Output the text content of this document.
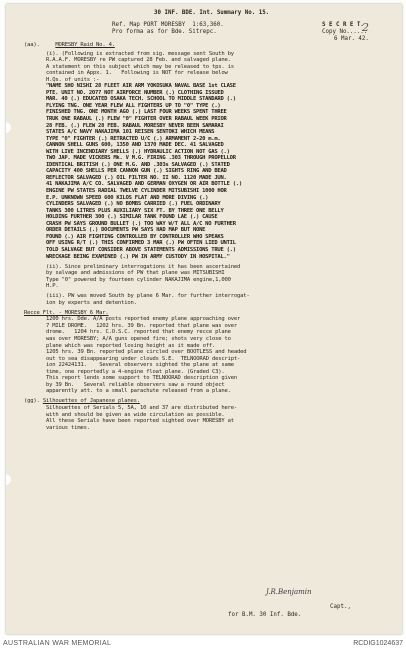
30 INF. BDE. Int. Summary No. 15.
Ref. Map PORT MORESBY  1:63,360.
Pro forma as for Bde. Sitrepc.
S E C R E T.
Copy No......
2
6 Mar. 42.
(aa).	MORESBY Raid No. 4.
(i). (Following is extracted from sig. message sent South by
R.A.A.F. MORESBY re PW captured 28 Feb. and salvaged plane.
A statement on this subject which may be released to tps. is
contained in Appx. 1.   Following is NOT for release below
H.Qs. of units :-
"NAME SHO NISHI 28 FLEET AIR ARM YOKOSUKA NAVAL BASE 1st CLASE
PTE. UNIT NO. 2077 NOT AIRFORCE NUMBER (.) CLOTHING ISSUED
MAR. 40 (.) EDUCATED OSAKA TECH. SCHOOL TO MIDDLE STANDARD (.)
FLYING TNG. ONE YEAR FLEW ALL FIGHTERS UP TO "0" TYPE (.)
FINISHED TNG. ONE MONTH AGO (.) LAST FOUR WEEKS SPENT THREE
TRUK ONE RABAUL (.) FLEW "0" FIGHTER OVER RABAUL WEEK PRIOR
28 FEB. (.) FLEW 28 FEB. RABAUL MORESBY NEVER BEEN SAMARAI
STATES A/C NAVY NAKAJIMA 101 REISEN SENTOKI WHICH MEANS
TYPE "0" FIGHTER (.) RETRACTED U/C (.) ARMAMENT 2-20 m.m.
CANNON SHELL GUNS 600, 1350 AND 1370 MADE DEC. 41 SALVAGED
WITH LIVE INCENDIARY SHELLS (.) HYDRAULIC ACTION NOT GAS (.)
TWO JAP. MADE VICKERS Mk. V M.G. FIRING .303 THROUGH PROPELLOR
IDENTICAL BRITISH (.) ONE M.G. AND .303s SALVAGED (.) STATED
CAPACITY 400 SHELLS PER CANNON GUN (.) SIGHTS RING AND BEAD
REFLECTOR SALVAGED (.) OIL FILTER NO. II NO. 1120 MADE JUN.
41 NAKAJIMA A/C CO. SALVAGED AND GERMAN OXYGEN OR AIR BOTTLE (.)
ENGINE PW STATES RADIAL TWELVE CYLINDER MITSUBISHI 1000 HOR
E.P. UNKNOWN SPEED 600 KILOS FLAT AND MORE DIVING (.)
CYLINDERS SALVAGED (.) NO BOMBS CARRIED (.) FUEL ORDINARY
TANKS 300 LITRES PLUS AUXILIARY SIX FT. BY THREE ONE BELLY
HOLDING FURTHER 300 (.) SIMILAR TANK FOUND LAE (.) CAUSE
CRASH PW SAYS GROUND BULLET (.) TOO WAY W/T ALL A/C NO FURTHER
ORDER DETAILS (.) DOCUMENTS PW SAYS HAD MAP BUT NONE
FOUND (.) AIR FIGHTING CONTROLLED BY CONTROLLER WHO SPEAKS
OFF USING R/T (.) THIS CONFIRMED 3 MAR (.) PW OFTEN LIED UNTIL
TOLD SALVAGE BUT CONSIDER ABOVE STATEMENTS ADMISSIONS TRUE (.)
WRECKAGE BEING EXAMINED (.) PW IN ARMY CUSTODY IN HOSPITAL."
(ii). Since preliminary interrogations it has been ascertained
by salvage and admissions of PW that plane was MITSUBISHI
Type "0" powered by fourteen cylinder NAKAJIMA engine,1,000
H.P.
(iii). PW was moved South by plane 6 Mar. for further interrogat-
ion by experts and detention.
Recce Flt. - MORESBY 6 Mar.
1200 hrs. Dde. A/A posts reported enemy plane approaching over
7 MILE DROME.   1202 hrs. 39 Bn. reported that plane was over
drome.   1204 hrs. C.O.S.C. reported that enemy recce plane
was over MORESBY; A/A guns opened fire; shots very close to
plane which was reported losing height as it made off.
1205 hrs. 39 Bn. reported plane circled over BOOTLESS and headed
out to sea disappearing under clouds S.E.  TELNOORAD descript-
ion 22424131.    Several observers sighted the plane at same
time, one reportedly a 4-engine float plane. (Graded C3).
This report lends some support to TELNOORAD description given
by 39 Bn.   Several reliable observers saw a round object
apparently att. to a small parachute released from a plane.
(gg). Silhouettes of Japanese planes.
Silhouettes of Serials 5, 5A, 10 and 37 are distributed here-
with and should be given as wide circulation as possible.
All these Serials have been reported sighted over MORESBY at
various times.
J.R.Benjamin
Capt.,
for B.M. 30 Inf. Bde.
AUSTRALIAN WAR MEMORIAL	RCDIG1024637
